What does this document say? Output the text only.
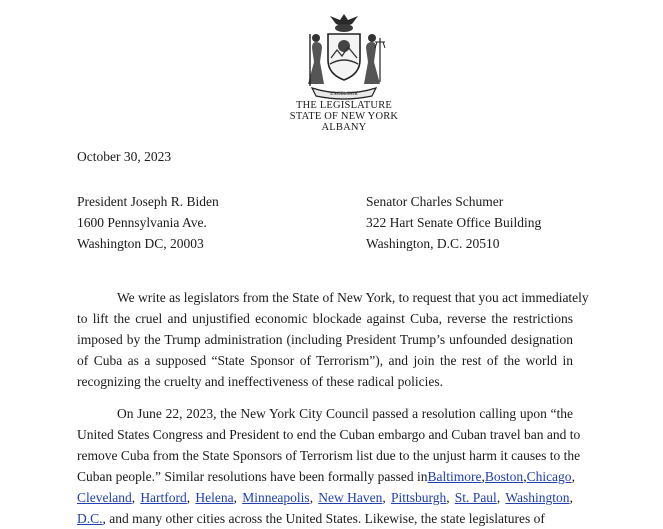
EXCELSIOR
THE LEGISLATURE
STATE OF NEW YORK
ALBANY
October 30, 2023
President Joseph R. Biden
1600 Pennsylvania Ave.
Washington DC, 20003
Senator Charles Schumer
322 Hart Senate Office Building
Washington, D.C. 20510
We write as legislators from the State of New York, to request that you act immediately
to lift the cruel and unjustified economic blockade against Cuba, reverse the restrictions
imposed by the Trump administration (including President Trump’s unfounded designation
of Cuba as a supposed “State Sponsor of Terrorism”), and join the rest of the world in
recognizing the cruelty and ineffectiveness of these radical policies.
On June 22, 2023, the New York City Council passed a resolution calling upon “the
United States Congress and President to end the Cuban embargo and Cuban travel ban and to
remove Cuba from the State Sponsors of Terrorism list due to the unjust harm it causes to the
Cuban people.” Similar resolutions have been formally passed in Baltimore, Boston, Chicago,
Cleveland, Hartford, Helena, Minneapolis, New Haven, Pittsburgh, St. Paul, Washington,
D.C., and many other cities across the United States. Likewise, the state legislatures of
